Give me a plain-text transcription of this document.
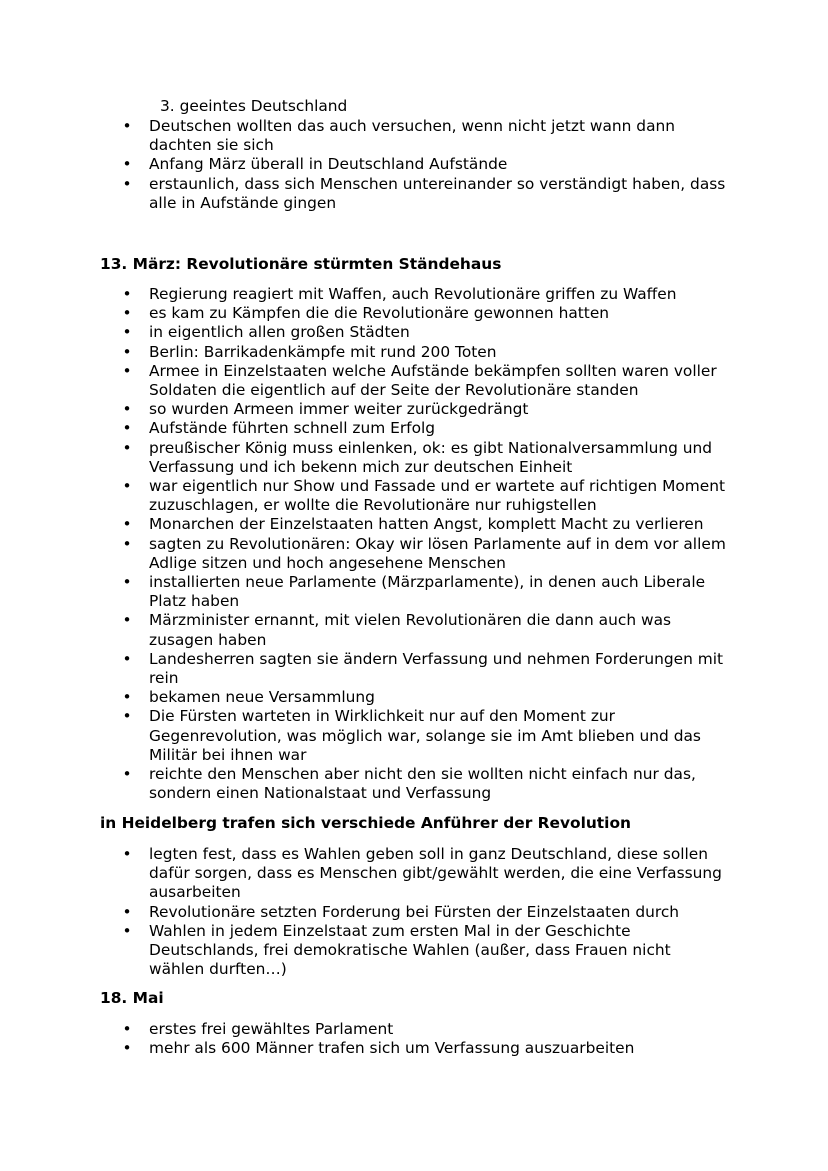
3. geeintes Deutschland
• Deutschen wollten das auch versuchen, wenn nicht jetzt wann dann dachten sie sich
• Anfang März überall in Deutschland Aufstände
• erstaunlich, dass sich Menschen untereinander so verständigt haben, dass alle in Aufstände gingen
13. März: Revolutionäre stürmten Ständehaus
• Regierung reagiert mit Waffen, auch Revolutionäre griffen zu Waffen
• es kam zu Kämpfen die die Revolutionäre gewonnen hatten
• in eigentlich allen großen Städten
• Berlin: Barrikadenkämpfe mit rund 200 Toten
• Armee in Einzelstaaten welche Aufstände bekämpfen sollten waren voller Soldaten die eigentlich auf der Seite der Revolutionäre standen
• so wurden Armeen immer weiter zurückgedrängt
• Aufstände führten schnell zum Erfolg
• preußischer König muss einlenken, ok: es gibt Nationalversammlung und Verfassung und ich bekenn mich zur deutschen Einheit
• war eigentlich nur Show und Fassade und er wartete auf richtigen Moment zuzuschlagen, er wollte die Revolutionäre nur ruhigstellen
• Monarchen der Einzelstaaten hatten Angst, komplett Macht zu verlieren
• sagten zu Revolutionären: Okay wir lösen Parlamente auf in dem vor allem Adlige sitzen und hoch angesehene Menschen
• installierten neue Parlamente (Märzparlamente), in denen auch Liberale Platz haben
• Märzminister ernannt, mit vielen Revolutionären die dann auch was zusagen haben
• Landesherren sagten sie ändern Verfassung und nehmen Forderungen mit rein
• bekamen neue Versammlung
• Die Fürsten warteten in Wirklichkeit nur auf den Moment zur Gegenrevolution, was möglich war, solange sie im Amt blieben und das Militär bei ihnen war
• reichte den Menschen aber nicht den sie wollten nicht einfach nur das, sondern einen Nationalstaat und Verfassung
in Heidelberg trafen sich verschiede Anführer der Revolution
• legten fest, dass es Wahlen geben soll in ganz Deutschland, diese sollen dafür sorgen, dass es Menschen gibt/gewählt werden, die eine Verfassung ausarbeiten
• Revolutionäre setzten Forderung bei Fürsten der Einzelstaaten durch
• Wahlen in jedem Einzelstaat zum ersten Mal in der Geschichte Deutschlands, frei demokratische Wahlen (außer, dass Frauen nicht wählen durften…)
18. Mai
• erstes frei gewähltes Parlament
• mehr als 600 Männer trafen sich um Verfassung auszuarbeiten
